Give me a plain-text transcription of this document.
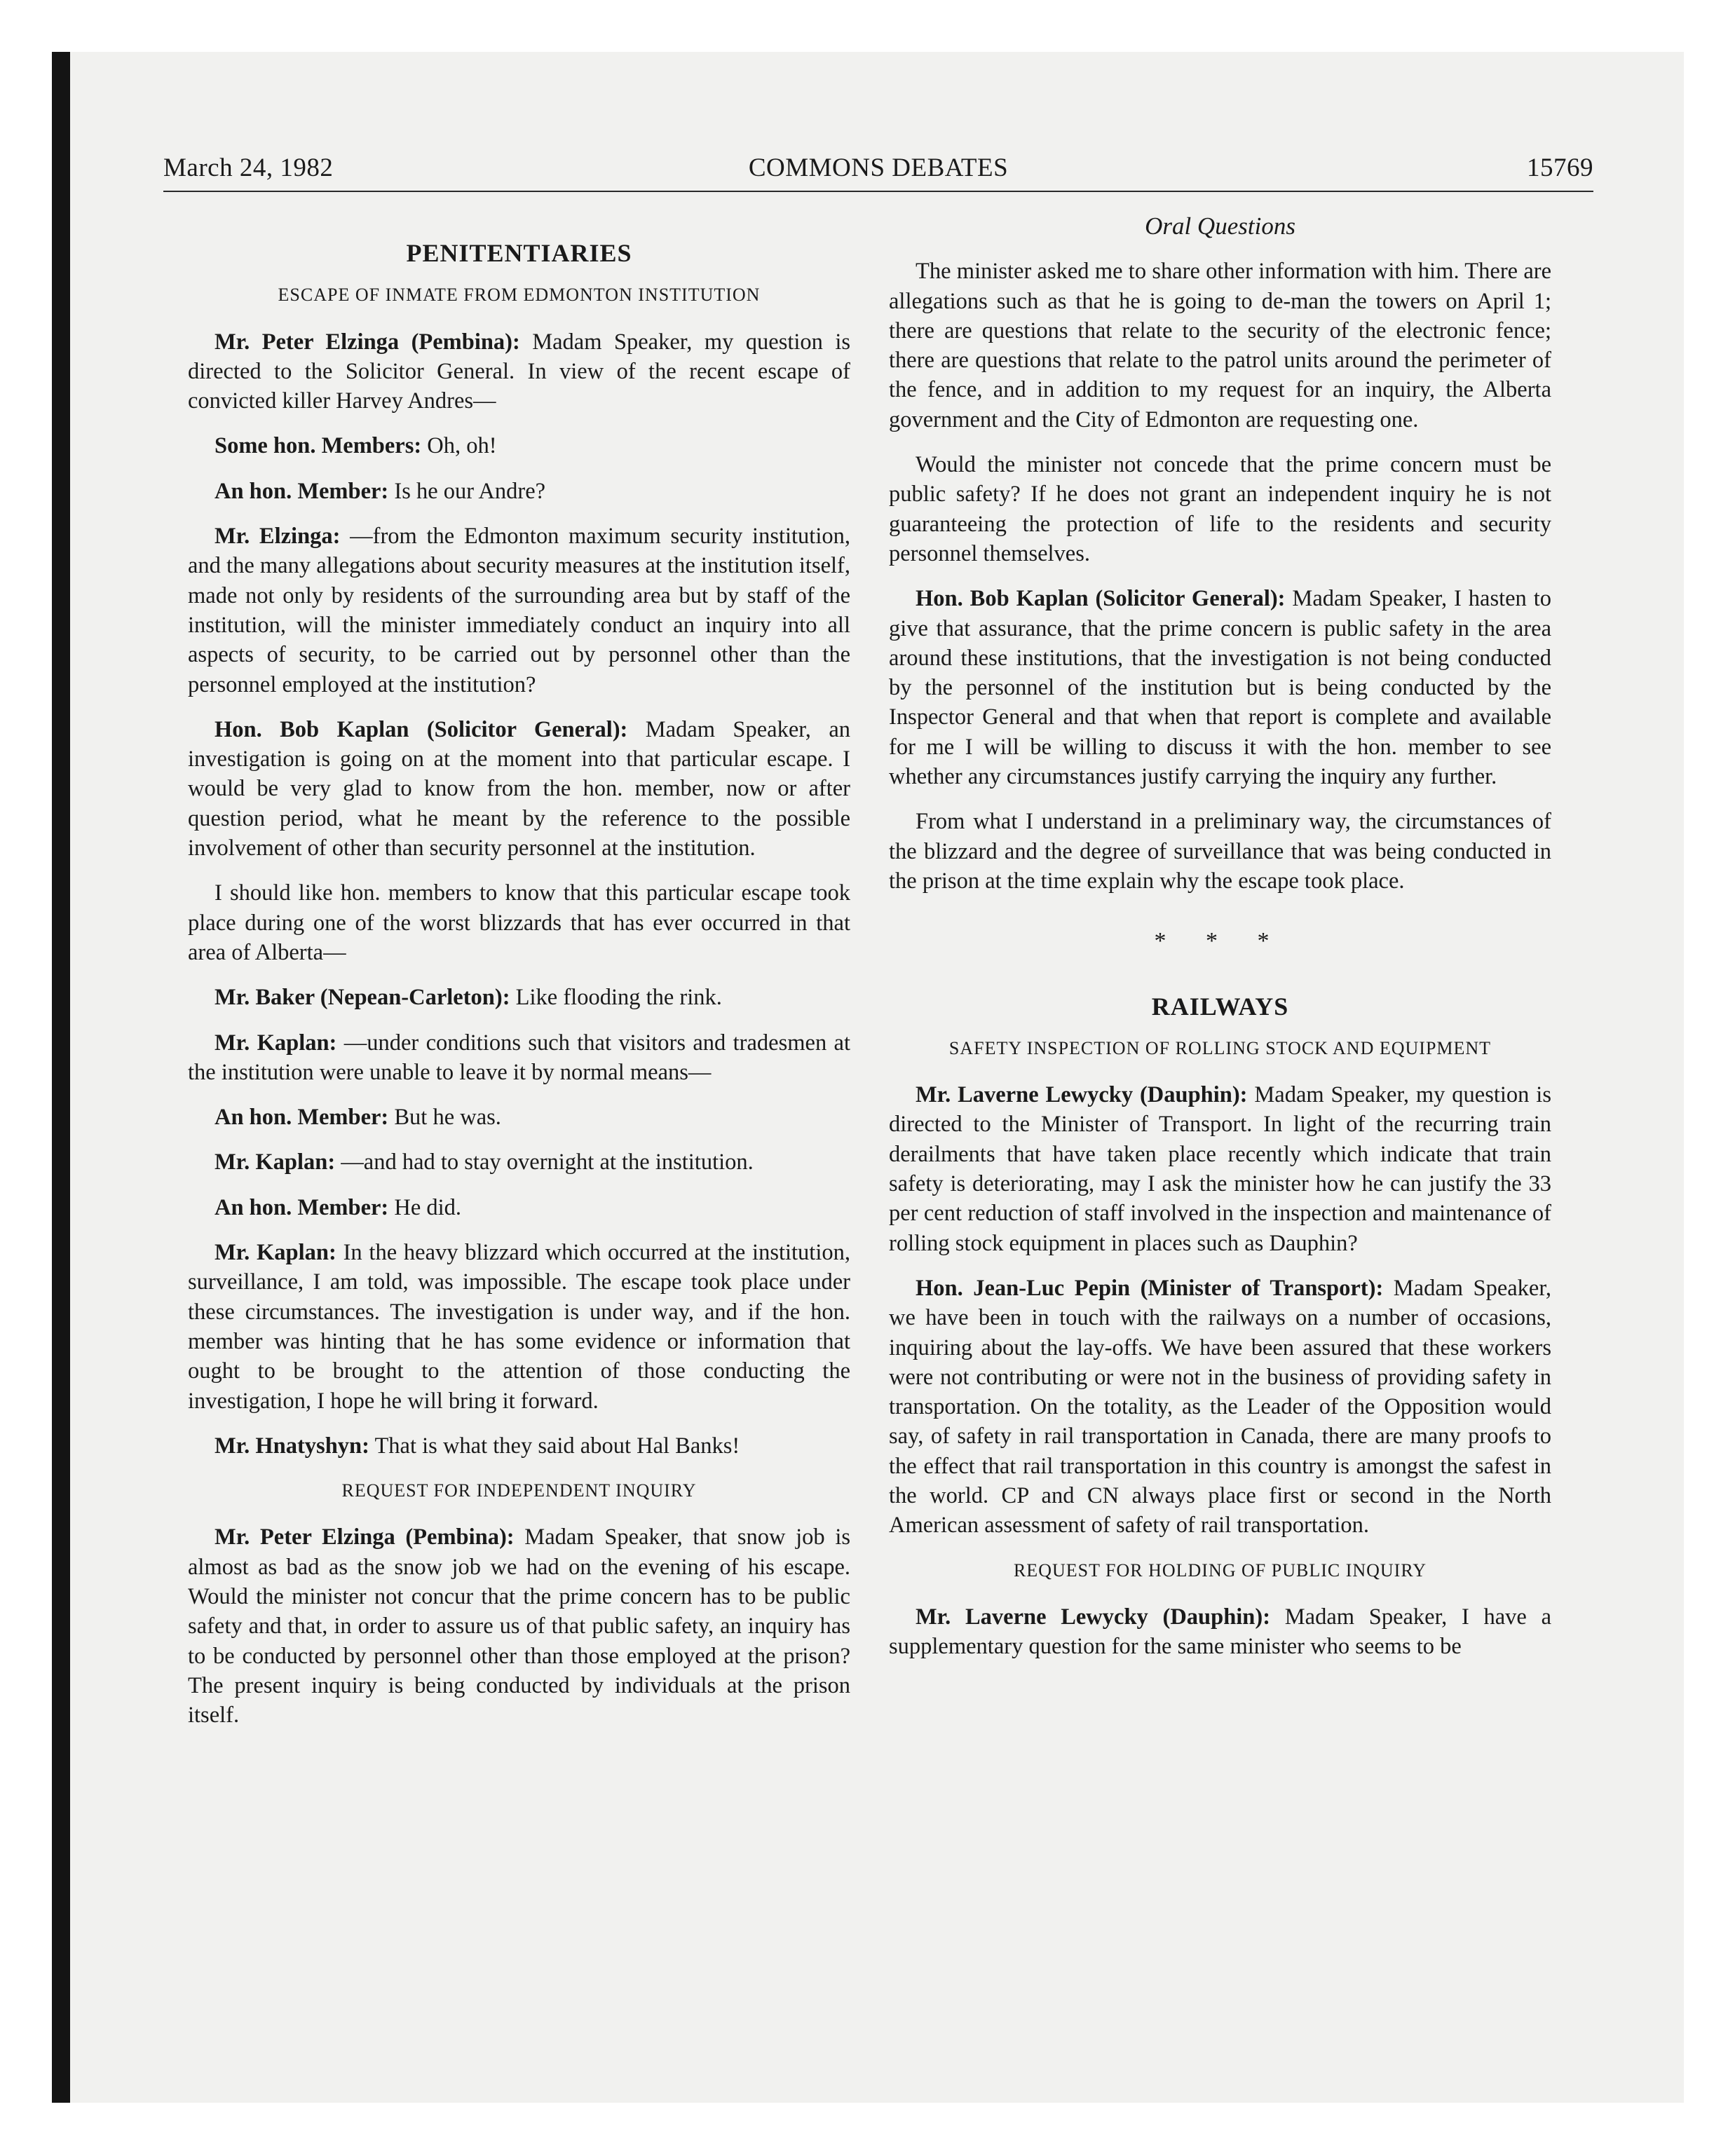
March 24, 1982	COMMONS DEBATES	15769
PENITENTIARIES
ESCAPE OF INMATE FROM EDMONTON INSTITUTION

Mr. Peter Elzinga (Pembina): Madam Speaker, my question is directed to the Solicitor General. In view of the recent escape of convicted killer Harvey Andres—

Some hon. Members: Oh, oh!

An hon. Member: Is he our Andre?

Mr. Elzinga: —from the Edmonton maximum security institution, and the many allegations about security measures at the institution itself, made not only by residents of the surrounding area but by staff of the institution, will the minister immediately conduct an inquiry into all aspects of security, to be carried out by personnel other than the personnel employed at the institution?

Hon. Bob Kaplan (Solicitor General): Madam Speaker, an investigation is going on at the moment into that particular escape. I would be very glad to know from the hon. member, now or after question period, what he meant by the reference to the possible involvement of other than security personnel at the institution.

I should like hon. members to know that this particular escape took place during one of the worst blizzards that has ever occurred in that area of Alberta—

Mr. Baker (Nepean-Carleton): Like flooding the rink.

Mr. Kaplan: —under conditions such that visitors and tradesmen at the institution were unable to leave it by normal means—

An hon. Member: But he was.

Mr. Kaplan: —and had to stay overnight at the institution.

An hon. Member: He did.

Mr. Kaplan: In the heavy blizzard which occurred at the institution, surveillance, I am told, was impossible. The escape took place under these circumstances. The investigation is under way, and if the hon. member was hinting that he has some evidence or information that ought to be brought to the attention of those conducting the investigation, I hope he will bring it forward.

Mr. Hnatyshyn: That is what they said about Hal Banks!

REQUEST FOR INDEPENDENT INQUIRY

Mr. Peter Elzinga (Pembina): Madam Speaker, that snow job is almost as bad as the snow job we had on the evening of his escape. Would the minister not concur that the prime concern has to be public safety and that, in order to assure us of that public safety, an inquiry has to be conducted by personnel other than those employed at the prison? The present inquiry is being conducted by individuals at the prison itself.

Oral Questions

The minister asked me to share other information with him. There are allegations such as that he is going to de-man the towers on April 1; there are questions that relate to the security of the electronic fence; there are questions that relate to the patrol units around the perimeter of the fence, and in addition to my request for an inquiry, the Alberta government and the City of Edmonton are requesting one.

Would the minister not concede that the prime concern must be public safety? If he does not grant an independent inquiry he is not guaranteeing the protection of life to the residents and security personnel themselves.

Hon. Bob Kaplan (Solicitor General): Madam Speaker, I hasten to give that assurance, that the prime concern is public safety in the area around these institutions, that the investigation is not being conducted by the personnel of the institution but is being conducted by the Inspector General and that when that report is complete and available for me I will be willing to discuss it with the hon. member to see whether any circumstances justify carrying the inquiry any further.

From what I understand in a preliminary way, the circumstances of the blizzard and the degree of surveillance that was being conducted in the prison at the time explain why the escape took place.

* * *
RAILWAYS
SAFETY INSPECTION OF ROLLING STOCK AND EQUIPMENT

Mr. Laverne Lewycky (Dauphin): Madam Speaker, my question is directed to the Minister of Transport. In light of the recurring train derailments that have taken place recently which indicate that train safety is deteriorating, may I ask the minister how he can justify the 33 per cent reduction of staff involved in the inspection and maintenance of rolling stock equipment in places such as Dauphin?

Hon. Jean-Luc Pepin (Minister of Transport): Madam Speaker, we have been in touch with the railways on a number of occasions, inquiring about the lay-offs. We have been assured that these workers were not contributing or were not in the business of providing safety in transportation. On the totality, as the Leader of the Opposition would say, of safety in rail transportation in Canada, there are many proofs to the effect that rail transportation in this country is amongst the safest in the world. CP and CN always place first or second in the North American assessment of safety of rail transportation.

REQUEST FOR HOLDING OF PUBLIC INQUIRY

Mr. Laverne Lewycky (Dauphin): Madam Speaker, I have a supplementary question for the same minister who seems to be
